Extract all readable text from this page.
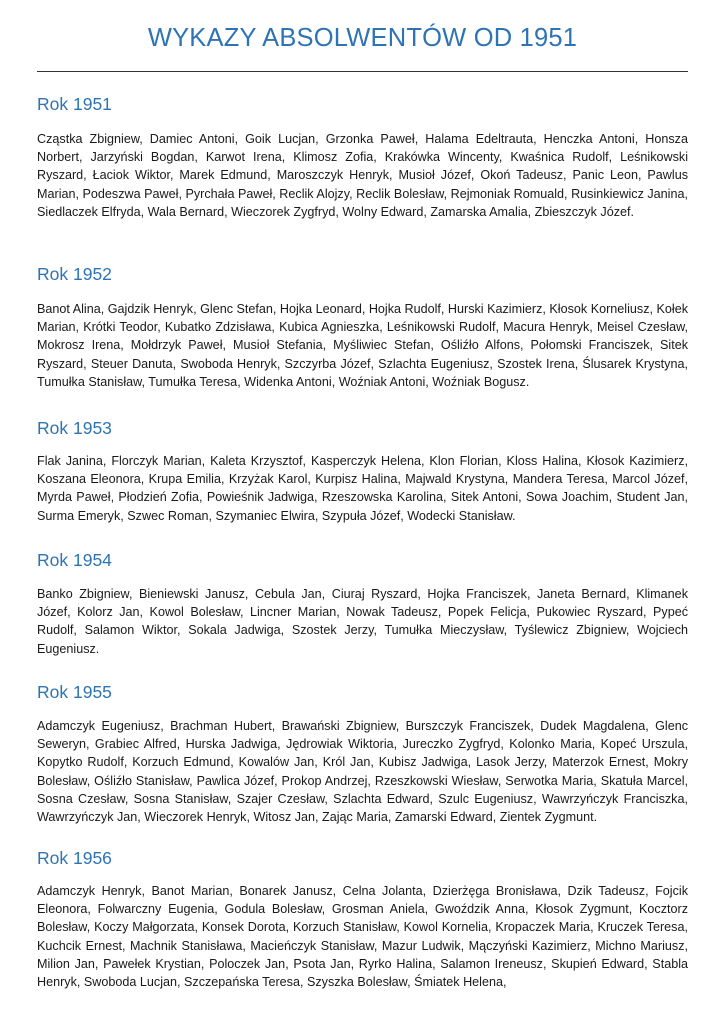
WYKAZY ABSOLWENTÓW OD 1951
Rok 1951

Cząstka Zbigniew, Damiec Antoni, Goik Lucjan, Grzonka Paweł, Halama Edeltrauta, Henczka Antoni, Honsza Norbert, Jarzyński Bogdan, Karwot Irena, Klimosz Zofia, Krakówka Wincenty, Kwaśnica Rudolf, Leśnikowski Ryszard, Łaciok Wiktor, Marek Edmund, Maroszczyk Henryk, Musioł Józef, Okoń Tadeusz, Panic Leon, Pawlus Marian, Podeszwa Paweł, Pyrchała Paweł, Reclik Alojzy, Reclik Bolesław, Rejmoniak Romuald, Rusinkiewicz Janina, Siedlaczek Elfryda, Wala Bernard, Wieczorek Zygfryd, Wolny Edward, Zamarska Amalia, Zbieszczyk Józef.

Rok 1952

Banot Alina, Gajdzik Henryk, Glenc Stefan, Hojka Leonard, Hojka Rudolf, Hurski Kazimierz, Kłosok Korneliusz, Kołek Marian, Krótki Teodor, Kubatko Zdzisława, Kubica Agnieszka, Leśnikowski Rudolf, Macura Henryk, Meisel Czesław, Mokrosz Irena, Mołdrzyk Paweł, Musioł Stefania, Myśliwiec Stefan, Ośliźło Alfons, Połomski Franciszek, Sitek Ryszard, Steuer Danuta, Swoboda Henryk, Szczyrba Józef, Szlachta Eugeniusz, Szostek Irena, Ślusarek Krystyna, Tumułka Stanisław, Tumułka Teresa, Widenka Antoni, Woźniak Antoni, Woźniak Bogusz.

Rok 1953

Flak Janina, Florczyk Marian, Kaleta Krzysztof, Kasperczyk Helena, Klon Florian, Kloss Halina, Kłosok Kazimierz, Koszana Eleonora, Krupa Emilia, Krzyżak Karol, Kurpisz Halina, Majwald Krystyna, Mandera Teresa, Marcol Józef, Myrda Paweł, Płodzień Zofia, Powieśnik Jadwiga, Rzeszowska Karolina, Sitek Antoni, Sowa Joachim, Student Jan, Surma Emeryk, Szwec Roman, Szymaniec Elwira, Szypuła Józef, Wodecki Stanisław.

Rok 1954

Banko Zbigniew, Bieniewski Janusz, Cebula Jan, Ciuraj Ryszard, Hojka Franciszek, Janeta Bernard, Klimanek Józef, Kolorz Jan, Kowol Bolesław, Lincner Marian, Nowak Tadeusz, Popek Felicja, Pukowiec Ryszard, Pypeć Rudolf, Salamon Wiktor, Sokala Jadwiga, Szostek Jerzy, Tumułka Mieczysław, Tyślewicz Zbigniew, Wojciech Eugeniusz.

Rok 1955

Adamczyk Eugeniusz, Brachman Hubert, Brawański Zbigniew, Burszczyk Franciszek, Dudek Magdalena, Glenc Seweryn, Grabiec Alfred, Hurska Jadwiga, Jędrowiak Wiktoria, Jureczko Zygfryd, Kolonko Maria, Kopeć Urszula, Kopytko Rudolf, Korzuch Edmund, Kowalów Jan, Król Jan, Kubisz Jadwiga, Lasok Jerzy, Materzok Ernest, Mokry Bolesław, Ośliźło Stanisław, Pawlica Józef, Prokop Andrzej, Rzeszkowski Wiesław, Serwotka Maria, Skatuła Marcel, Sosna Czesław, Sosna Stanisław, Szajer Czesław, Szlachta Edward, Szulc Eugeniusz, Wawrzyńczyk Franciszka, Wawrzyńczyk Jan, Wieczorek Henryk, Witosz Jan, Zając Maria, Zamarski Edward, Zientek Zygmunt.

Rok 1956

Adamczyk Henryk, Banot Marian, Bonarek Janusz, Celna Jolanta, Dzierżęga Bronisława, Dzik Tadeusz, Fojcik Eleonora, Folwarczny Eugenia, Godula Bolesław, Grosman Aniela, Gwoździk Anna, Kłosok Zygmunt, Kocztorz Bolesław, Koczy Małgorzata, Konsek Dorota, Korzuch Stanisław, Kowol Kornelia, Kropaczek Maria, Kruczek Teresa, Kuchcik Ernest, Machnik Stanisława, Macieńczyk Stanisław, Mazur Ludwik, Mączyński Kazimierz, Michno Mariusz, Milion Jan, Pawełek Krystian, Poloczek Jan, Psota Jan, Ryrko Halina, Salamon Ireneusz, Skupień Edward, Stabla Henryk, Swoboda Lucjan, Szczepańska Teresa, Szyszka Bolesław, Śmiatek Helena,
